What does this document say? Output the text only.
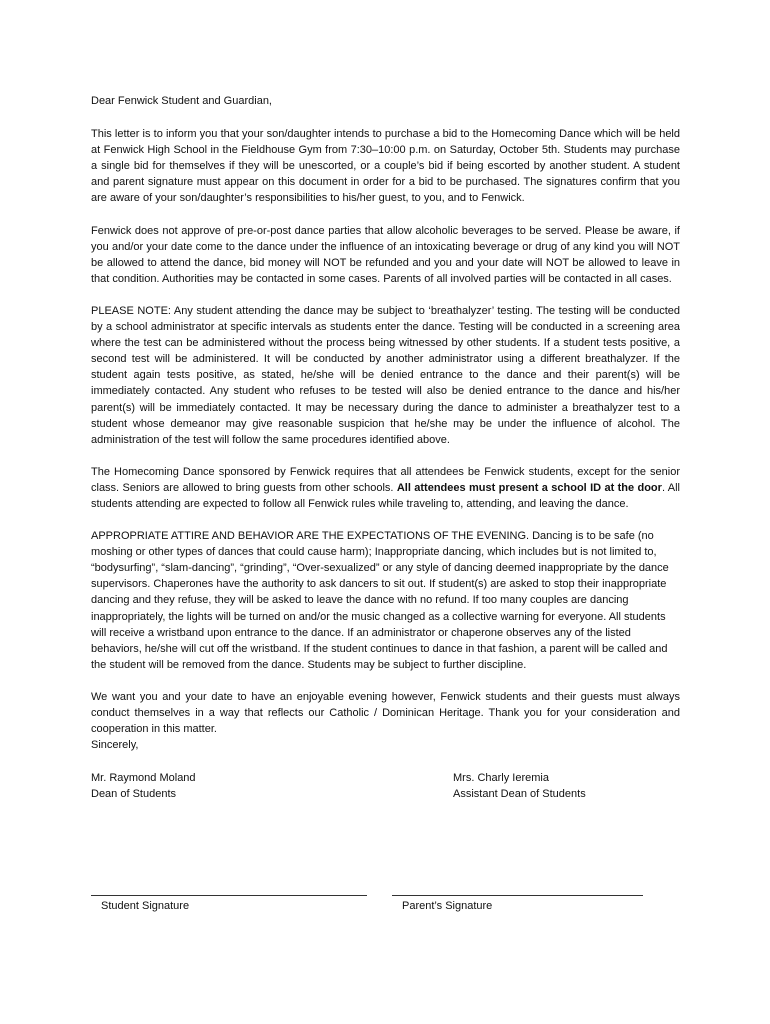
Dear Fenwick Student and Guardian,

This letter is to inform you that your son/daughter intends to purchase a bid to the Homecoming Dance which will be held at Fenwick High School in the Fieldhouse Gym from 7:30–10:00 p.m. on Saturday, October 5th. Students may purchase a single bid for themselves if they will be unescorted, or a couple’s bid if being escorted by another student. A student and parent signature must appear on this document in order for a bid to be purchased. The signatures confirm that you are aware of your son/daughter’s responsibilities to his/her guest, to you, and to Fenwick.

Fenwick does not approve of pre-or-post dance parties that allow alcoholic beverages to be served. Please be aware, if you and/or your date come to the dance under the influence of an intoxicating beverage or drug of any kind you will NOT be allowed to attend the dance, bid money will NOT be refunded and you and your date will NOT be allowed to leave in that condition. Authorities may be contacted in some cases. Parents of all involved parties will be contacted in all cases.

PLEASE NOTE: Any student attending the dance may be subject to ‘breathalyzer’ testing. The testing will be conducted by a school administrator at specific intervals as students enter the dance. Testing will be conducted in a screening area where the test can be administered without the process being witnessed by other students. If a student tests positive, a second test will be administered. It will be conducted by another administrator using a different breathalyzer. If the student again tests positive, as stated, he/she will be denied entrance to the dance and their parent(s) will be immediately contacted. Any student who refuses to be tested will also be denied entrance to the dance and his/her parent(s) will be immediately contacted. It may be necessary during the dance to administer a breathalyzer test to a student whose demeanor may give reasonable suspicion that he/she may be under the influence of alcohol. The administration of the test will follow the same procedures identified above.

The Homecoming Dance sponsored by Fenwick requires that all attendees be Fenwick students, except for the senior class. Seniors are allowed to bring guests from other schools. All attendees must present a school ID at the door. All students attending are expected to follow all Fenwick rules while traveling to, attending, and leaving the dance.

APPROPRIATE ATTIRE AND BEHAVIOR ARE THE EXPECTATIONS OF THE EVENING. Dancing is to be safe (no moshing or other types of dances that could cause harm); Inappropriate dancing, which includes but is not limited to, “bodysurfing”, “slam-dancing”, “grinding”, “Over-sexualized” or any style of dancing deemed inappropriate by the dance supervisors. Chaperones have the authority to ask dancers to sit out. If student(s) are asked to stop their inappropriate dancing and they refuse, they will be asked to leave the dance with no refund. If too many couples are dancing inappropriately, the lights will be turned on and/or the music changed as a collective warning for everyone. All students will receive a wristband upon entrance to the dance. If an administrator or chaperone observes any of the listed behaviors, he/she will cut off the wristband. If the student continues to dance in that fashion, a parent will be called and the student will be removed from the dance. Students may be subject to further discipline.

We want you and your date to have an enjoyable evening however, Fenwick students and their guests must always conduct themselves in a way that reflects our Catholic / Dominican Heritage. Thank you for your consideration and cooperation in this matter.

Sincerely,

Mr. Raymond Moland
Dean of Students
Mrs. Charly Ieremia
Assistant Dean of Students
Student Signature	Parent’s Signature
